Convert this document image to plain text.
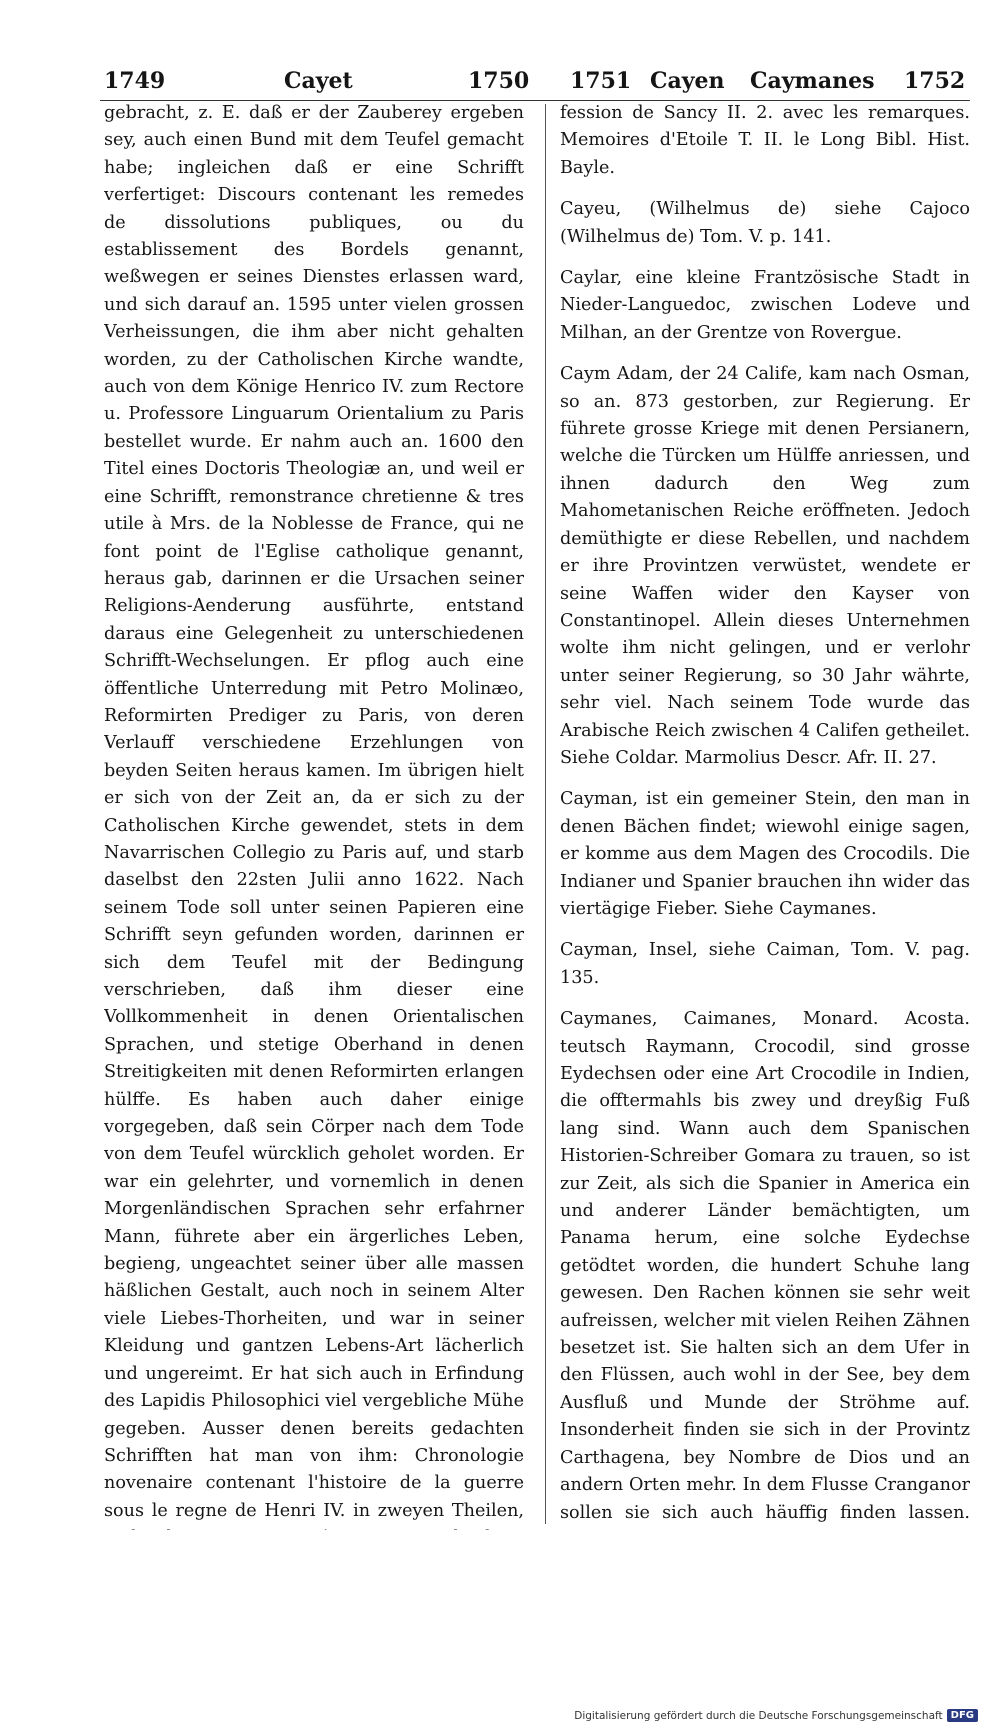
1749	Cayet	1750 1751 Cayen Caymanes 1752

gebracht, z. E. daß er der Zauberey ergeben sey, auch einen Bund mit dem Teufel gemacht habe; ingleichen daß er eine Schrifft verfertiget: Discours contenant les remedes de dissolutions publiques, ou du establissement des Bordels genannt, weßwegen er seines Dienstes erlassen ward, und sich darauf an. 1595 unter vielen grossen Verheissungen, die ihm aber nicht gehalten worden, zu der Catholischen Kirche wandte, auch von dem Könige Henrico IV. zum Rectore u. Professore Linguarum Orientalium zu Paris bestellet wurde. Er nahm auch an. 1600 den Titel eines Doctoris Theologiæ an, und weil er eine Schrifft, remonstrance chretienne & tres utile à Mrs. de la Noblesse de France, qui ne font point de l'Eglise catholique genannt, heraus gab, darinnen er die Ursachen seiner Religions-Aenderung ausführte, entstand daraus eine Gelegenheit zu unterschiedenen Schrifft-Wechselungen. Er pflog auch eine öffentliche Unterredung mit Petro Molinæo, Reformirten Prediger zu Paris, von deren Verlauff verschiedene Erzehlungen von beyden Seiten heraus kamen. Im übrigen hielt er sich von der Zeit an, da er sich zu der Catholischen Kirche gewendet, stets in dem Navarrischen Collegio zu Paris auf, und starb daselbst den 22sten Julii anno 1622. Nach seinem Tode soll unter seinen Papieren eine Schrifft seyn gefunden worden, darinnen er sich dem Teufel mit der Bedingung verschrieben, daß ihm dieser eine Vollkommenheit in denen Orientalischen Sprachen, und stetige Oberhand in denen Streitigkeiten mit denen Reformirten erlangen hülffe. Es haben auch daher einige vorgegeben, daß sein Cörper nach dem Tode von dem Teufel würcklich geholet worden. Er war ein gelehrter, und vornemlich in denen Morgenländischen Sprachen sehr erfahrner Mann, führete aber ein ärgerliches Leben, begieng, ungeachtet seiner über alle massen häßlichen Gestalt, auch noch in seinem Alter viele Liebes-Thorheiten, und war in seiner Kleidung und gantzen Lebens-Art lächerlich und ungereimt. Er hat sich auch in Erfindung des Lapidis Philosophici viel vergebliche Mühe gegeben. Ausser denen bereits gedachten Schrifften hat man von ihm: Chronologie novenaire contenant l'histoire de la guerre sous le regne de Henri IV. in zweyen Theilen,

fession de Sancy II. 2. avec les remarques. Memoires d'Etoile T. II. le Long Bibl. Hist. Bayle.

Cayeu, (Wilhelmus de) siehe Cajoco (Wilhelmus de) Tom. V. p. 141.

Caylar, eine kleine Frantzösische Stadt in Nieder-Languedoc, zwischen Lodeve und Milhan, an der Grentze von Rovergue.

Caym Adam, der 24 Calife, kam nach Osman, so an. 873 gestorben, zur Regierung. Er führete grosse Kriege mit denen Persianern, welche die Türcken um Hülffe anriessen, und ihnen dadurch den Weg zum Mahometanischen Reiche eröffneten. Jedoch demüthigte er diese Rebellen, und nachdem er ihre Provintzen verwüstet, wendete er seine Waffen wider den Kayser von Constantinopel. Allein dieses Unternehmen wolte ihm nicht gelingen, und er verlohr unter seiner Regierung, so 30 Jahr währte, sehr viel. Nach seinem Tode wurde das Arabische Reich zwischen 4 Califen getheilet. Siehe Coldar. Marmolius Descr. Afr. II. 27.

Cayman, ist ein gemeiner Stein, den man in denen Bächen findet; wiewohl einige sagen, er komme aus dem Magen des Crocodils. Die Indianer und Spanier brauchen ihn wider das viertägige Fieber. Siehe Caymanes.

Cayman, Insel, siehe Caiman, Tom. V. pag. 135.

Caymanes, Caimanes, Monard. Acosta. teutsch Raymann, Crocodil, sind grosse Eydechsen oder eine Art Crocodile in Indien, die offtermahls bis zwey und dreyßig Fuß lang sind. Wann auch dem Spanischen Historien-Schreiber Gomara zu trauen, so ist zur Zeit, als sich die Spanier in America ein und anderer Länder bemächtigten, um Panama herum, eine solche Eydechse getödtet worden, die hundert Schuhe lang gewesen. Den Rachen können sie sehr weit aufreissen, welcher mit vielen Reihen Zähnen besetzet ist. Sie halten sich an dem Ufer in den Flüssen, auch wohl in der See, bey dem Ausfluß und Munde der Ströhme auf. Insonderheit finden sie sich in der Provintz Carthagena, bey Nombre de Dios und an andern Orten mehr. In dem Flusse Cranganor sollen sie sich auch häuffig finden lassen.

Digitalisierung gefördert durch die Deutsche Forschungsgemeinschaft DFG
